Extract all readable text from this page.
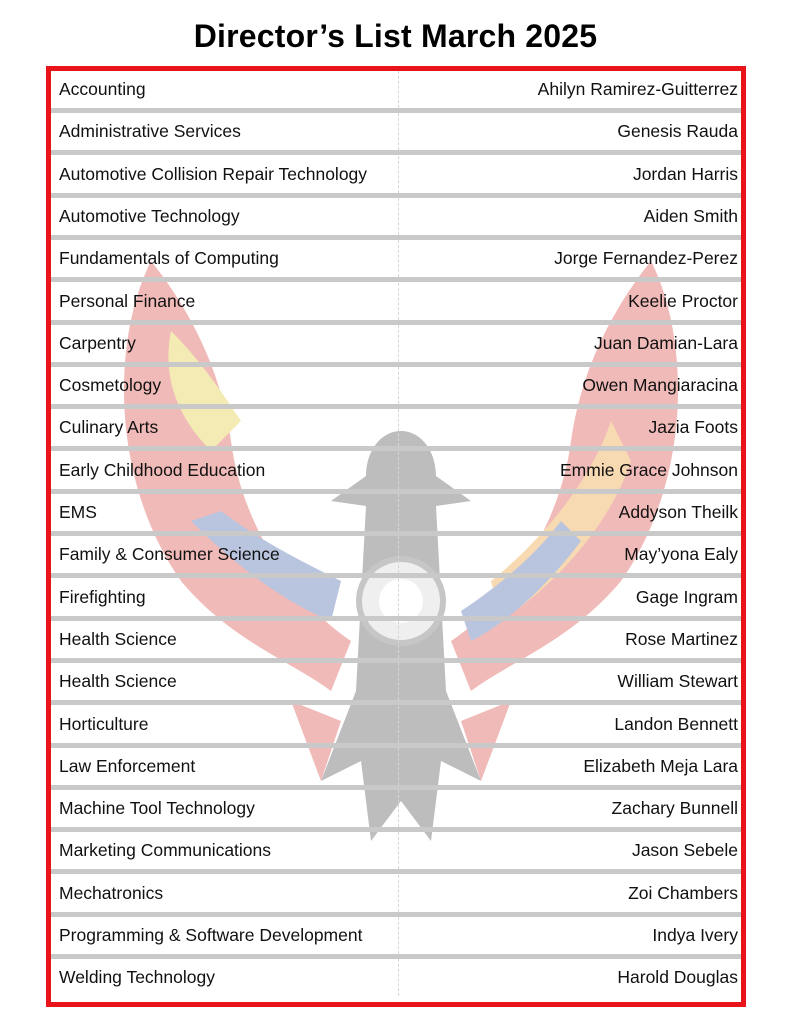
Director’s List March 2025
Accounting	Ahilyn Ramirez-Guitterrez
Administrative Services	Genesis Rauda
Automotive Collision Repair Technology	Jordan Harris
Automotive Technology	Aiden Smith
Fundamentals of Computing	Jorge Fernandez-Perez
Personal Finance	Keelie Proctor
Carpentry	Juan Damian-Lara
Cosmetology	Owen Mangiaracina
Culinary Arts	Jazia Foots
Early Childhood Education	Emmie Grace Johnson
EMS	Addyson Theilk
Family & Consumer Science	May’yona Ealy
Firefighting	Gage Ingram
Health Science	Rose Martinez
Health Science	William Stewart
Horticulture	Landon Bennett
Law Enforcement	Elizabeth Meja Lara
Machine Tool Technology	Zachary Bunnell
Marketing Communications	Jason Sebele
Mechatronics	Zoi Chambers
Programming & Software Development	Indya Ivery
Welding Technology	Harold Douglas
